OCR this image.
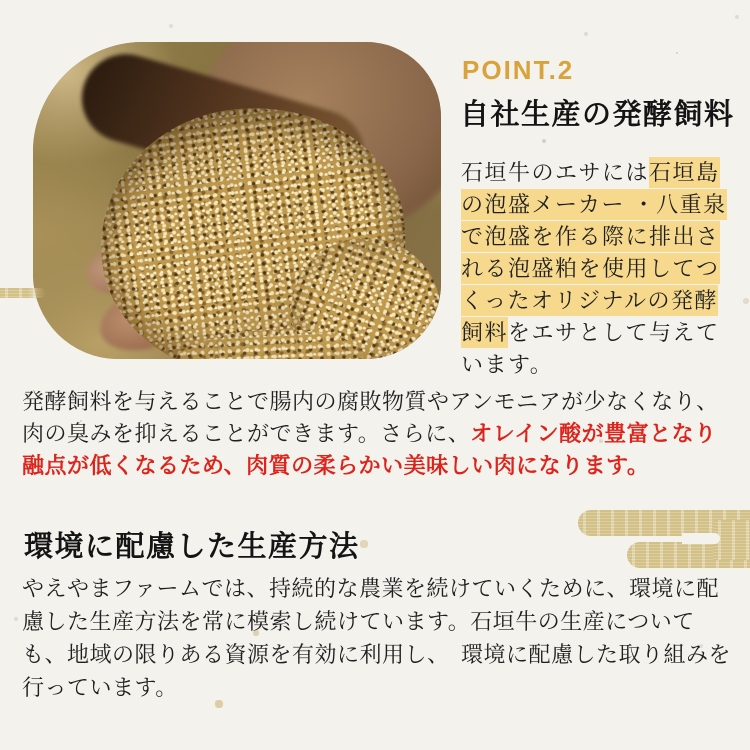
POINT.2
自社生産の発酵飼料

石垣牛のエサには石垣島の泡盛メーカー ・八重泉で泡盛を作る際に排出される泡盛粕を使用してつくったオリジナルの発酵飼料をエサとして与えています。

発酵飼料を与えることで腸内の腐敗物質やアンモニアが少なくなり、肉の臭みを抑えることができます。さらに、オレイン酸が豊富となり融点が低くなるため、肉質の柔らかい美味しい肉になります。

環境に配慮した生産方法

やえやまファームでは、持続的な農業を続けていくために、環境に配慮した生産方法を常に模索し続けています。石垣牛の生産についても、地域の限りある資源を有効に利用し、　環境に配慮した取り組みを行っています。
